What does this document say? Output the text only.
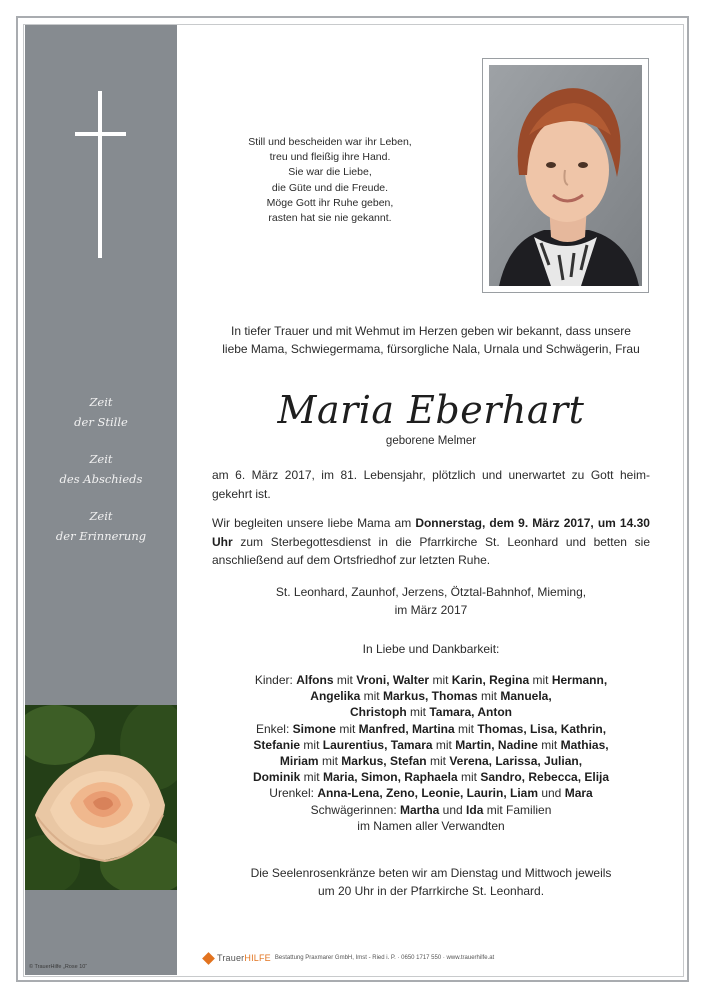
Zeit
der Stille
Zeit
des Abschieds
Zeit
der Erinnerung
© TrauerHilfe „Rose 10“
Still und bescheiden war ihr Leben,
treu und fleißig ihre Hand.
Sie war die Liebe,
die Güte und die Freude.
Möge Gott ihr Ruhe geben,
rasten hat sie nie gekannt.
In tiefer Trauer und mit Wehmut im Herzen geben wir bekannt, dass unsere
liebe Mama, Schwiegermama, fürsorgliche Nala, Urnala und Schwägerin, Frau
Maria Eberhart
geborene Melmer
am 6. März 2017, im 81. Lebensjahr, plötzlich und unerwartet zu Gott heim-gekehrt ist.
Wir begleiten unsere liebe Mama am Donnerstag, dem 9. März 2017, um 14.30 Uhr zum Sterbegottesdienst in die Pfarrkirche St. Leonhard und betten sie anschließend auf dem Ortsfriedhof zur letzten Ruhe.
St. Leonhard, Zaunhof, Jerzens, Ötztal-Bahnhof, Mieming,
im März 2017
In Liebe und Dankbarkeit:
Kinder: Alfons mit Vroni, Walter mit Karin, Regina mit Hermann,
Angelika mit Markus, Thomas mit Manuela,
Christoph mit Tamara, Anton
Enkel: Simone mit Manfred, Martina mit Thomas, Lisa, Kathrin,
Stefanie mit Laurentius, Tamara mit Martin, Nadine mit Mathias,
Miriam mit Markus, Stefan mit Verena, Larissa, Julian,
Dominik mit Maria, Simon, Raphaela mit Sandro, Rebecca, Elija
Urenkel: Anna-Lena, Zeno, Leonie, Laurin, Liam und Mara
Schwägerinnen: Martha und Ida mit Familien
im Namen aller Verwandten
Die Seelenrosenkränze beten wir am Dienstag und Mittwoch jeweils
um 20 Uhr in der Pfarrkirche St. Leonhard.
TrauerHILFE Bestattung Praxmarer GmbH, Imst - Ried i. P. · 0650 1717 550 · www.trauerhilfe.at
